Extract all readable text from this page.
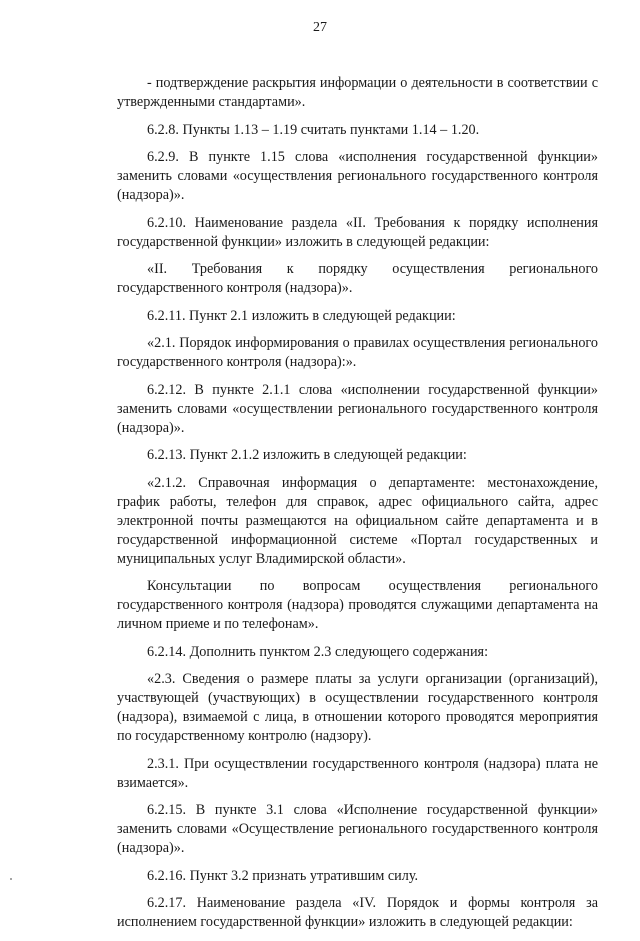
27

- подтверждение раскрытия информации о деятельности в соответствии с утвержденными стандартами».

6.2.8. Пункты 1.13 – 1.19 считать пунктами 1.14 – 1.20.

6.2.9. В пункте 1.15 слова «исполнения государственной функции» заменить словами «осуществления регионального государственного контроля (надзора)».

6.2.10. Наименование раздела «II. Требования к порядку исполнения государственной функции» изложить в следующей редакции:

«II. Требования к порядку осуществления регионального государственного контроля (надзора)».

6.2.11. Пункт 2.1 изложить в следующей редакции:

«2.1. Порядок информирования о правилах осуществления регионального государственного контроля (надзора):».

6.2.12. В пункте 2.1.1 слова «исполнении государственной функции» заменить словами «осуществлении регионального государственного контроля (надзора)».

6.2.13. Пункт 2.1.2 изложить в следующей редакции:

«2.1.2. Справочная информация о департаменте: местонахождение, график работы, телефон для справок, адрес официального сайта, адрес электронной почты размещаются на официальном сайте департамента и в государственной информационной системе «Портал государственных и муниципальных услуг Владимирской области».

Консультации по вопросам осуществления регионального государственного контроля (надзора) проводятся служащими департамента на личном приеме и по телефонам».

6.2.14. Дополнить пунктом 2.3 следующего содержания:

«2.3. Сведения о размере платы за услуги организации (организаций), участвующей (участвующих) в осуществлении государственного контроля (надзора), взимаемой с лица, в отношении которого проводятся мероприятия по государственному контролю (надзору).

2.3.1. При осуществлении государственного контроля (надзора) плата не взимается».

6.2.15. В пункте 3.1 слова «Исполнение государственной функции» заменить словами «Осуществление регионального государственного контроля (надзора)».

6.2.16. Пункт 3.2 признать утратившим силу.

6.2.17. Наименование раздела «IV. Порядок и формы контроля за исполнением государственной функции» изложить в следующей редакции:
